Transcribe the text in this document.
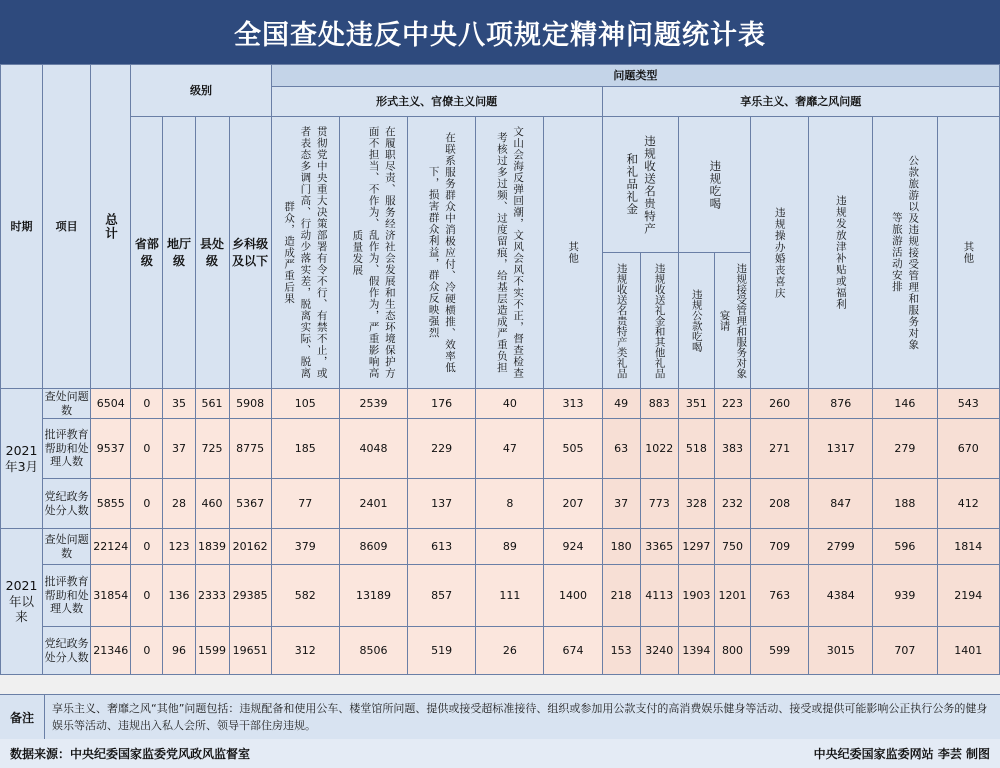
全国查处违反中央八项规定精神问题统计表
时期	项目	总计	级别				问题类型												
							形式主义、官僚主义问题					享乐主义、奢靡之风问题							

			省部级	地厅级	县处级	乡科级及以下	贯彻党中央重大决策部署有令不行、有禁不止，或者表态多调门高、行动少落实差，脱离实际、脱离群众，造成严重后果	在履职尽责、服务经济社会发展和生态环境保护方面不担当、不作为、乱作为、假作为，严重影响高质量发展	在联系服务群众中消极应付、冷硬横推、效率低下，损害群众利益，群众反映强烈	文山会海反弹回潮，文风会风不实不正，督查检查考核过多过频、过度留痕，给基层造成严重负担	其他	违规收送名贵特产和礼品礼金		违规吃喝		违规操办婚丧喜庆	违规发放津补贴或福利	公款旅游以及违规接受管理和服务对象等旅游活动安排	其他

												违规收送名贵特产类礼品	违规收送礼金和其他礼品	违规公款吃喝	违规接受管理和服务对象宴请				

2021年3月	查处问题数	6504	0	35	561	5908	105	2539	176	40	313	49	883	351	223	260	876	146	543
	批评教育帮助和处理人数	9537	0	37	725	8775	185	4048	229	47	505	63	1022	518	383	271	1317	279	670
	党纪政务处分人数	5855	0	28	460	5367	77	2401	137	8	207	37	773	328	232	208	847	188	412
2021年以来	查处问题数	22124	0	123	1839	20162	379	8609	613	89	924	180	3365	1297	750	709	2799	596	1814
	批评教育帮助和处理人数	31854	0	136	2333	29385	582	13189	857	111	1400	218	4113	1903	1201	763	4384	939	2194
	党纪政务处分人数	21346	0	96	1599	19651	312	8506	519	26	674	153	3240	1394	800	599	3015	707	1401
备注
享乐主义、奢靡之风“其他”问题包括：违规配备和使用公车、楼堂馆所问题、提供或接受超标准接待、组织或参加用公款支付的高消费娱乐健身等活动、接受或提供可能影响公正执行公务的健身娱乐等活动、违规出入私人会所、领导干部住房违规。
数据来源：中央纪委国家监委党风政风监督室	中央纪委国家监委网站 李芸 制图
